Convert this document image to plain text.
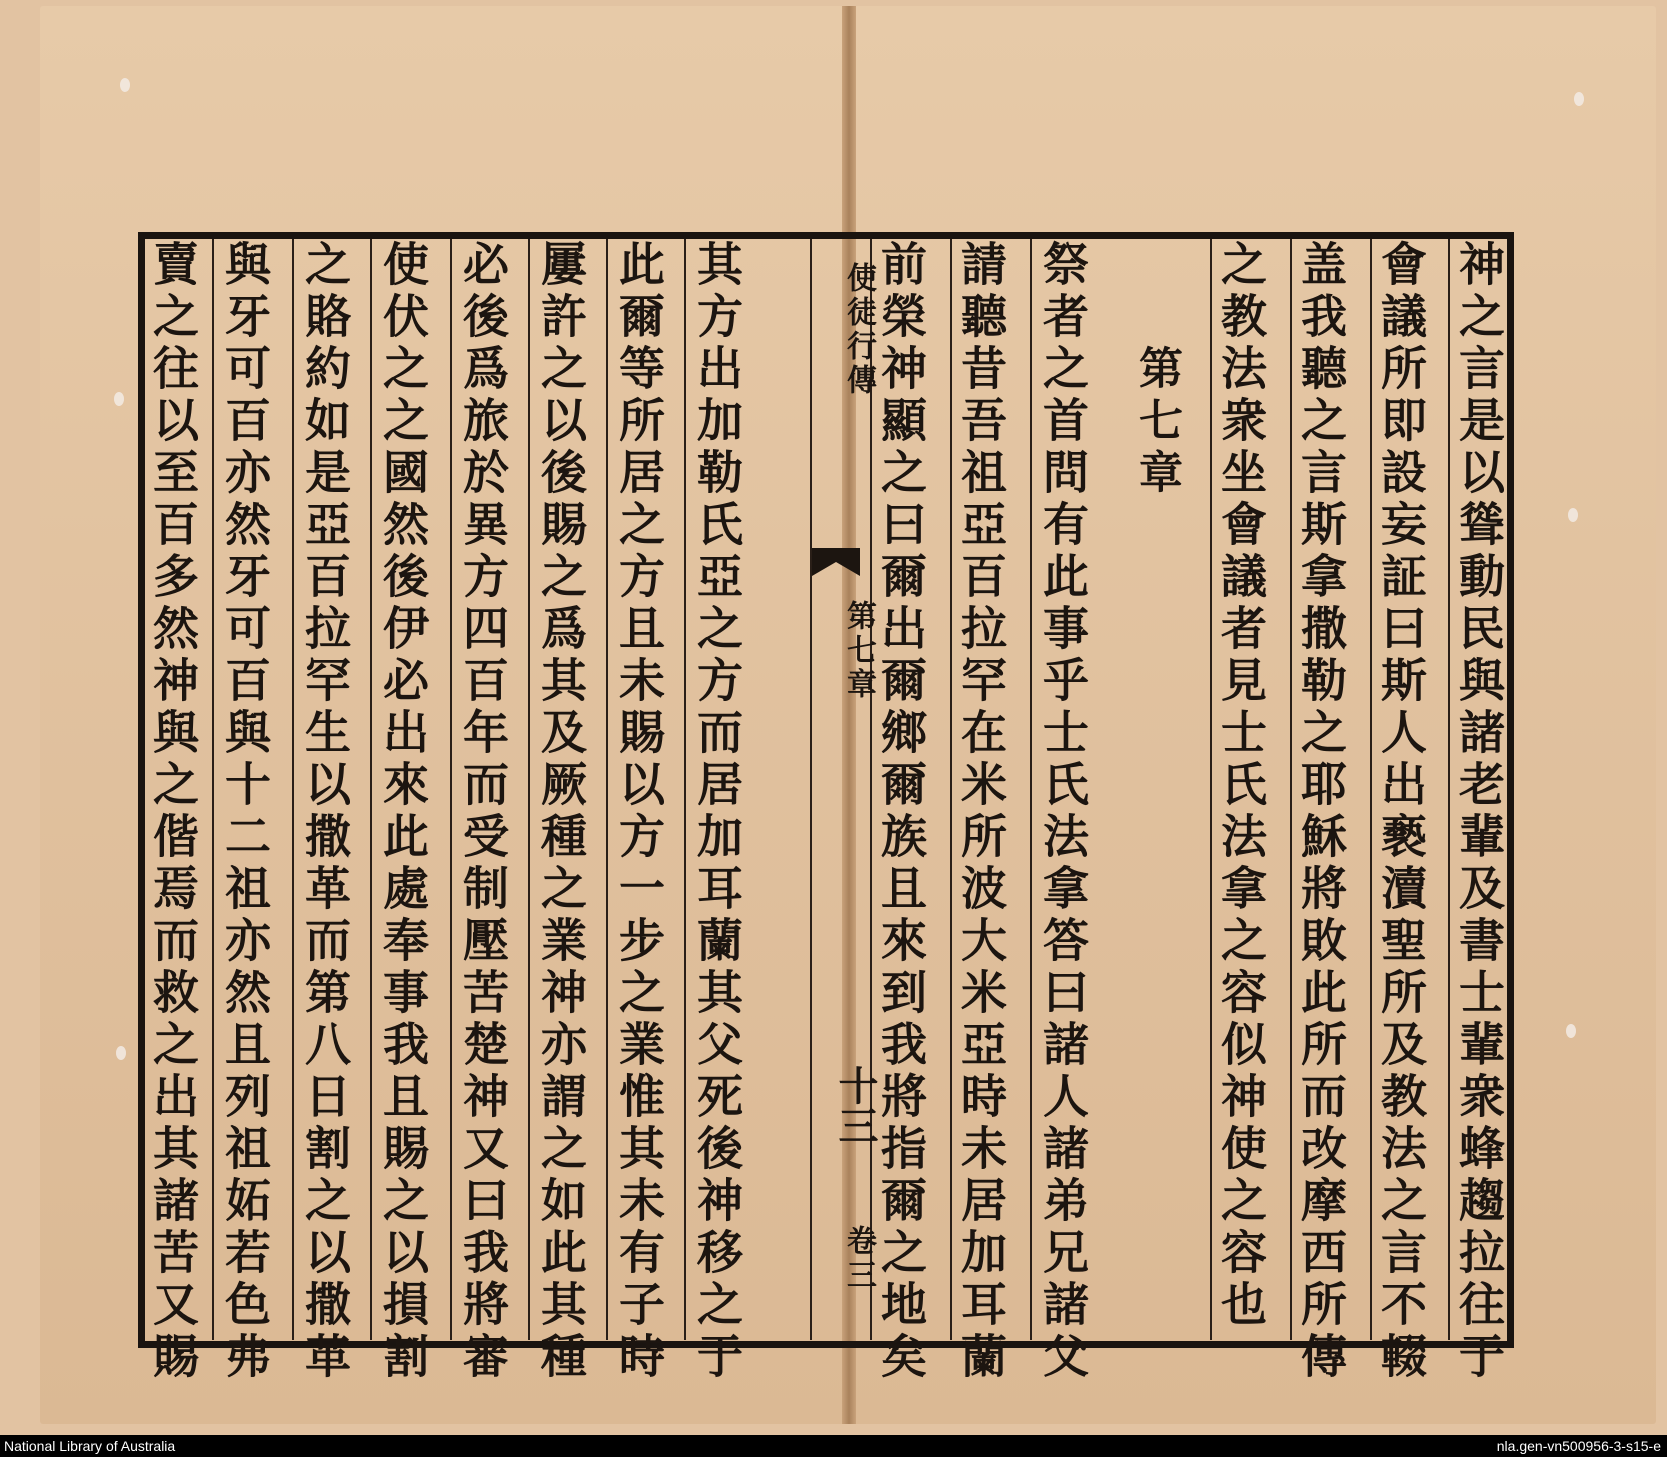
神之言是以聳動民與諸老輩及書士輩衆蜂趨拉往于
會議所即設妄証曰斯人出褻瀆聖所及教法之言不輟
盖我聽之言斯拿撒勒之耶穌將敗此所而改摩西所傳
之教法衆坐會議者見士氏法拿之容似神使之容也
第七章
祭者之首問有此事乎士氏法拿答曰諸人諸弟兄諸父
請聽昔吾祖亞百拉罕在米所波大米亞時未居加耳蘭
前榮神顯之曰爾出爾鄉爾族且來到我將指爾之地矣
使徒行傳
第七章
十三
卷三
其方出加勒氏亞之方而居加耳蘭其父死後神移之于
此爾等所居之方且未賜以方一步之業惟其未有子時
屢許之以後賜之爲其及厥種之業神亦謂之如此其種
必後爲旅於異方四百年而受制壓苦楚神又曰我將審
使伏之之國然後伊必出來此處奉事我且賜之以損割
之賂約如是亞百拉罕生以撒革而第八日割之以撒革
與牙可百亦然牙可百與十二祖亦然且列祖妬若色弗
賣之往以至百多然神與之偕焉而救之出其諸苦又賜
National Library of Australia	nla.gen-vn500956-3-s15-e
